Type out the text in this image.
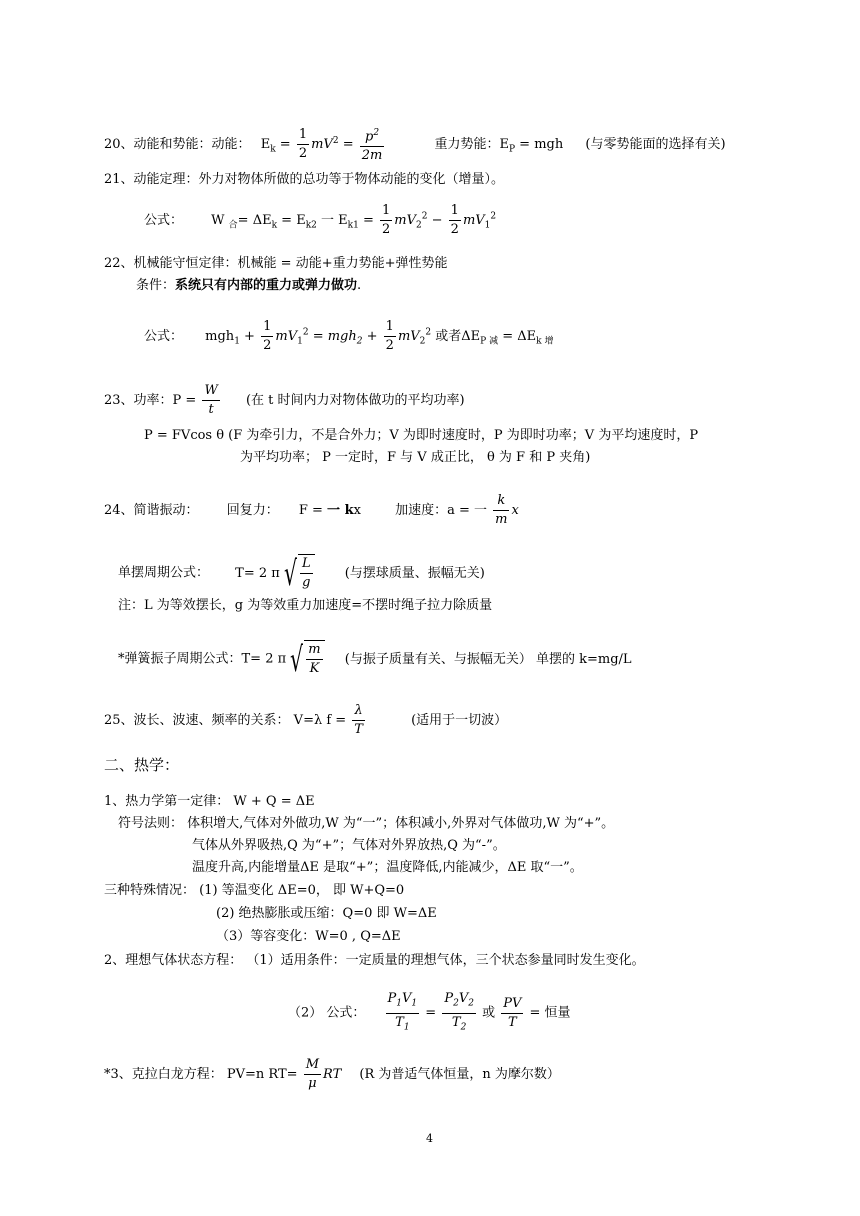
20、动能和势能：动能： $E_k = \frac{1}{2} mV^2 = \frac{p^2}{2m}$	重力势能：$E_P$ = mgh (与零势能面的选择有关)
21、动能定理：外力对物体所做的总功等于物体动能的变化（增量）。
公式： W $_合= \Delta E_k = E_{k2}$ 一 $E_{k1} = \frac{1}{2} mV_2^2 - \frac{1}{2} mV_1^2$
22、机械能守恒定律：机械能 = 动能+重力势能+弹性势能
条件：系统只有内部的重力或弹力做功.
公式： $mgh_1 + \frac{1}{2} mV_1^2 = mgh_2 + \frac{1}{2} mV_2^2$ 或者$\Delta E_{P 减} = \Delta E_{k 增}$
23、功率：$P = \frac{W}{t}$ (在 t 时间内力对物体做功的平均功率)
P = FVcos θ (F 为牵引力，不是合外力；V 为即时速度时，P 为即时功率；V 为平均速度时，P
为平均功率； P 一定时，F 与 V 成正比， θ 为 F 和 P 夹角)
24、简谐振动： 回复力： F = 一 kx	加速度：a = 一 $\frac{k}{m}$ x
单摆周期公式： T= 2 π √ $\frac{L}{g}$ (与摆球质量、振幅无关)
注：L 为等效摆长，g 为等效重力加速度=不摆时绳子拉力除质量
*弹簧振子周期公式：T= 2 π √ $\frac{m}{K}$ (与振子质量有关、与振幅无关） 单摆的 k=mg/L
25、波长、波速、频率的关系： V=λ $f = \frac{\lambda}{T}$	(适用于一切波）
二、热学：
1、热力学第一定律： W + Q = ΔE
符号法则： 体积增大,气体对外做功,W 为“一”；体积减小,外界对气体做功,W 为“+”。
气体从外界吸热,Q 为“+”；气体对外界放热,Q 为“-”。
温度升高,内能增量ΔE 是取“+”；温度降低,内能减少，ΔE 取“一”。
三种特殊情况： (1) 等温变化 ΔE=0， 即 W+Q=0
(2) 绝热膨胀或压缩：Q=0 即 W=ΔE
（3）等容变化：W=0 , Q=ΔE
2、理想气体状态方程： （1）适用条件：一定质量的理想气体，三个状态参量同时发生变化。
（2） 公式： $\frac{P_1V_1}{T_1} = \frac{P_2V_2}{T_2}$ 或 $\frac{PV}{T}$ = 恒量
*3、克拉白龙方程： PV=n $RT= \frac{M}{\mu}$ RT (R 为普适气体恒量，n 为摩尔数）
4
